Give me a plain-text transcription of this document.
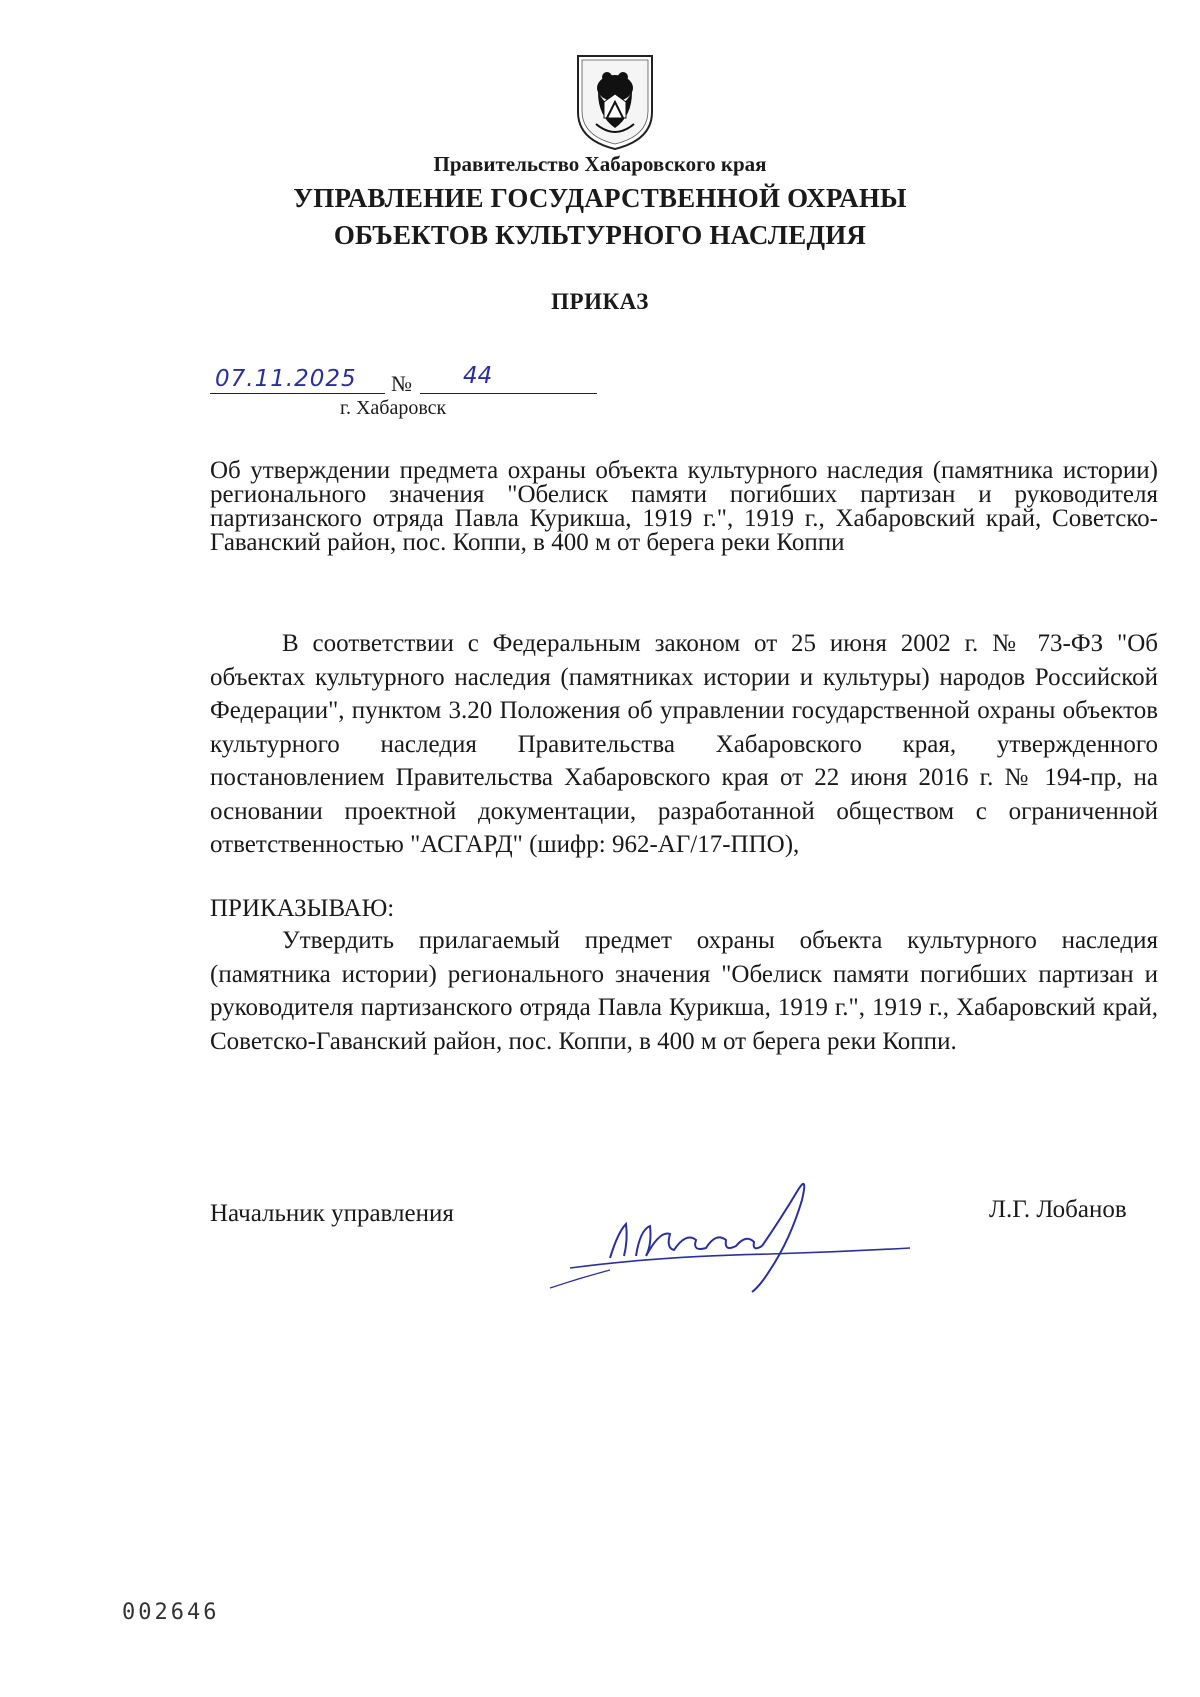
Правительство Хабаровского края
УПРАВЛЕНИЕ ГОСУДАРСТВЕННОЙ ОХРАНЫ
ОБЪЕКТОВ КУЛЬТУРНОГО НАСЛЕДИЯ
ПРИКАЗ
07.11.2025	№ 44
г. Хабаровск
Об утверждении предмета охраны объекта культурного наследия (памятника истории) регионального значения "Обелиск памяти погибших партизан и руководителя партизанского отряда Павла Курикша, 1919 г.", 1919 г., Хабаровский край, Советско-Гаванский район, пос. Коппи, в 400 м от берега реки Коппи
В соответствии с Федеральным законом от 25 июня 2002 г. № 73-ФЗ "Об объектах культурного наследия (памятниках истории и культуры) народов Российской Федерации", пунктом 3.20 Положения об управлении государственной охраны объектов культурного наследия Правительства Хабаровского края, утвержденного постановлением Правительства Хабаровского края от 22 июня 2016 г. № 194-пр, на основании проектной документации, разработанной обществом с ограниченной ответственностью "АСГАРД" (шифр: 962-АГ/17-ППО),
ПРИКАЗЫВАЮ:
Утвердить прилагаемый предмет охраны объекта культурного наследия (памятника истории) регионального значения "Обелиск памяти погибших партизан и руководителя партизанского отряда Павла Курикша, 1919 г.", 1919 г., Хабаровский край, Советско-Гаванский район, пос. Коппи, в 400 м от берега реки Коппи.
Начальник управления	Л.Г. Лобанов
002646
